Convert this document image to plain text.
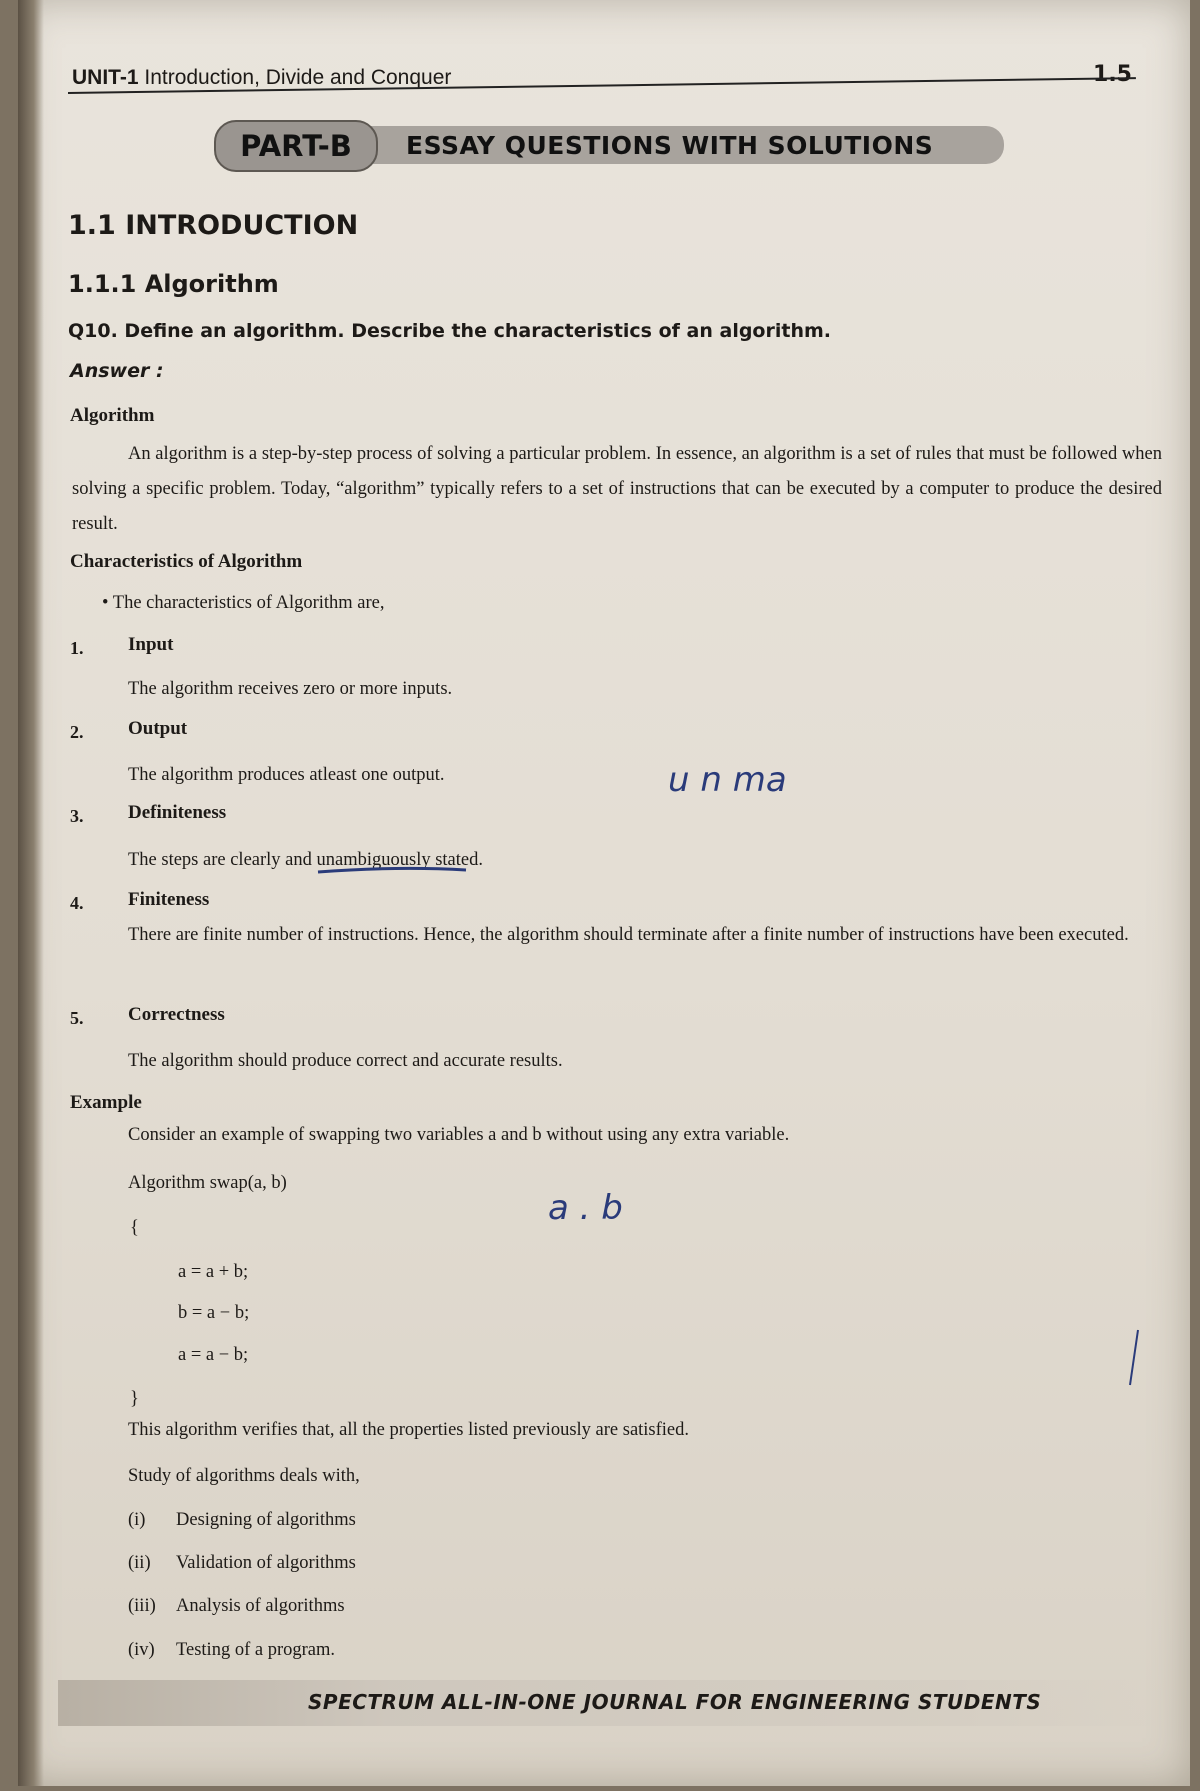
UNIT-1 Introduction, Divide and Conquer	1.5
ESSAY QUESTIONS WITH SOLUTIONS
PART-B
1.1 INTRODUCTION
1.1.1 Algorithm
Q10. Define an algorithm. Describe the characteristics of an algorithm.
Answer :
Algorithm
An algorithm is a step-by-step process of solving a particular problem. In essence, an algorithm is a set of rules that must be followed when solving a specific problem. Today, “algorithm” typically refers to a set of instructions that can be executed by a computer to produce the desired result.
Characteristics of Algorithm
• The characteristics of Algorithm are,
1. Input
The algorithm receives zero or more inputs.
2. Output
The algorithm produces atleast one output.
3. Definiteness
The steps are clearly and unambiguously stated.
4. Finiteness
There are finite number of instructions. Hence, the algorithm should terminate after a finite number of instructions have been executed.
5. Correctness
The algorithm should produce correct and accurate results.
Example
Consider an example of swapping two variables a and b without using any extra variable.
Algorithm swap(a, b)
{
a = a + b;
b = a − b;
a = a − b;
}
This algorithm verifies that, all the properties listed previously are satisfied.
Study of algorithms deals with,
(i) Designing of algorithms
(ii) Validation of algorithms
(iii) Analysis of algorithms
(iv) Testing of a program.
SPECTRUM ALL-IN-ONE JOURNAL FOR ENGINEERING STUDENTS
u n ma
a . b
